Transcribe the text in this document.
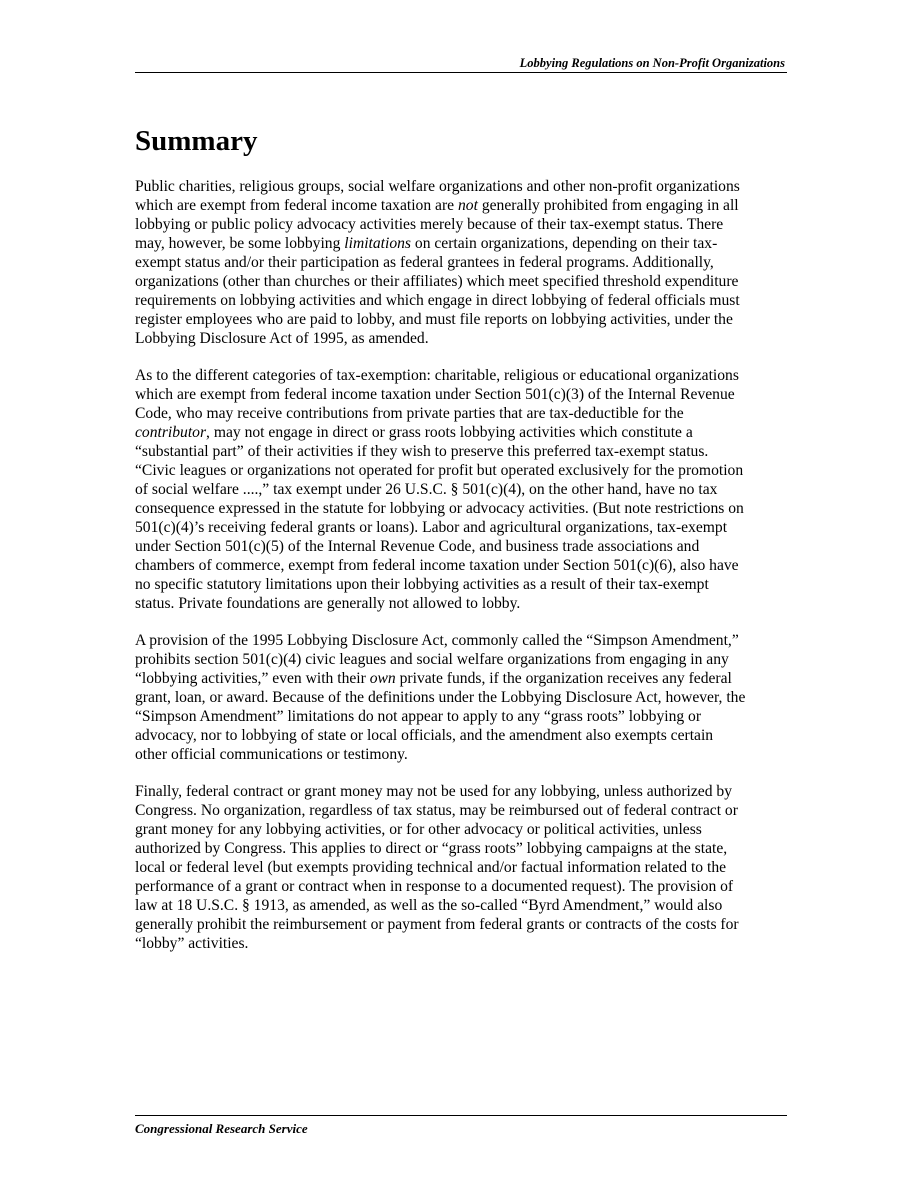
Lobbying Regulations on Non-Profit Organizations
Summary

Public charities, religious groups, social welfare organizations and other non-profit organizations
which are exempt from federal income taxation are not generally prohibited from engaging in all
lobbying or public policy advocacy activities merely because of their tax-exempt status. There
may, however, be some lobbying limitations on certain organizations, depending on their tax-
exempt status and/or their participation as federal grantees in federal programs. Additionally,
organizations (other than churches or their affiliates) which meet specified threshold expenditure
requirements on lobbying activities and which engage in direct lobbying of federal officials must
register employees who are paid to lobby, and must file reports on lobbying activities, under the
Lobbying Disclosure Act of 1995, as amended.

As to the different categories of tax-exemption: charitable, religious or educational organizations
which are exempt from federal income taxation under Section 501(c)(3) of the Internal Revenue
Code, who may receive contributions from private parties that are tax-deductible for the
contributor, may not engage in direct or grass roots lobbying activities which constitute a
“substantial part” of their activities if they wish to preserve this preferred tax-exempt status.
“Civic leagues or organizations not operated for profit but operated exclusively for the promotion
of social welfare ....,” tax exempt under 26 U.S.C. § 501(c)(4), on the other hand, have no tax
consequence expressed in the statute for lobbying or advocacy activities. (But note restrictions on
501(c)(4)’s receiving federal grants or loans). Labor and agricultural organizations, tax-exempt
under Section 501(c)(5) of the Internal Revenue Code, and business trade associations and
chambers of commerce, exempt from federal income taxation under Section 501(c)(6), also have
no specific statutory limitations upon their lobbying activities as a result of their tax-exempt
status. Private foundations are generally not allowed to lobby.

A provision of the 1995 Lobbying Disclosure Act, commonly called the “Simpson Amendment,”
prohibits section 501(c)(4) civic leagues and social welfare organizations from engaging in any
“lobbying activities,” even with their own private funds, if the organization receives any federal
grant, loan, or award. Because of the definitions under the Lobbying Disclosure Act, however, the
“Simpson Amendment” limitations do not appear to apply to any “grass roots” lobbying or
advocacy, nor to lobbying of state or local officials, and the amendment also exempts certain
other official communications or testimony.

Finally, federal contract or grant money may not be used for any lobbying, unless authorized by
Congress. No organization, regardless of tax status, may be reimbursed out of federal contract or
grant money for any lobbying activities, or for other advocacy or political activities, unless
authorized by Congress. This applies to direct or “grass roots” lobbying campaigns at the state,
local or federal level (but exempts providing technical and/or factual information related to the
performance of a grant or contract when in response to a documented request). The provision of
law at 18 U.S.C. § 1913, as amended, as well as the so-called “Byrd Amendment,” would also
generally prohibit the reimbursement or payment from federal grants or contracts of the costs for
“lobby” activities.

Congressional Research Service
